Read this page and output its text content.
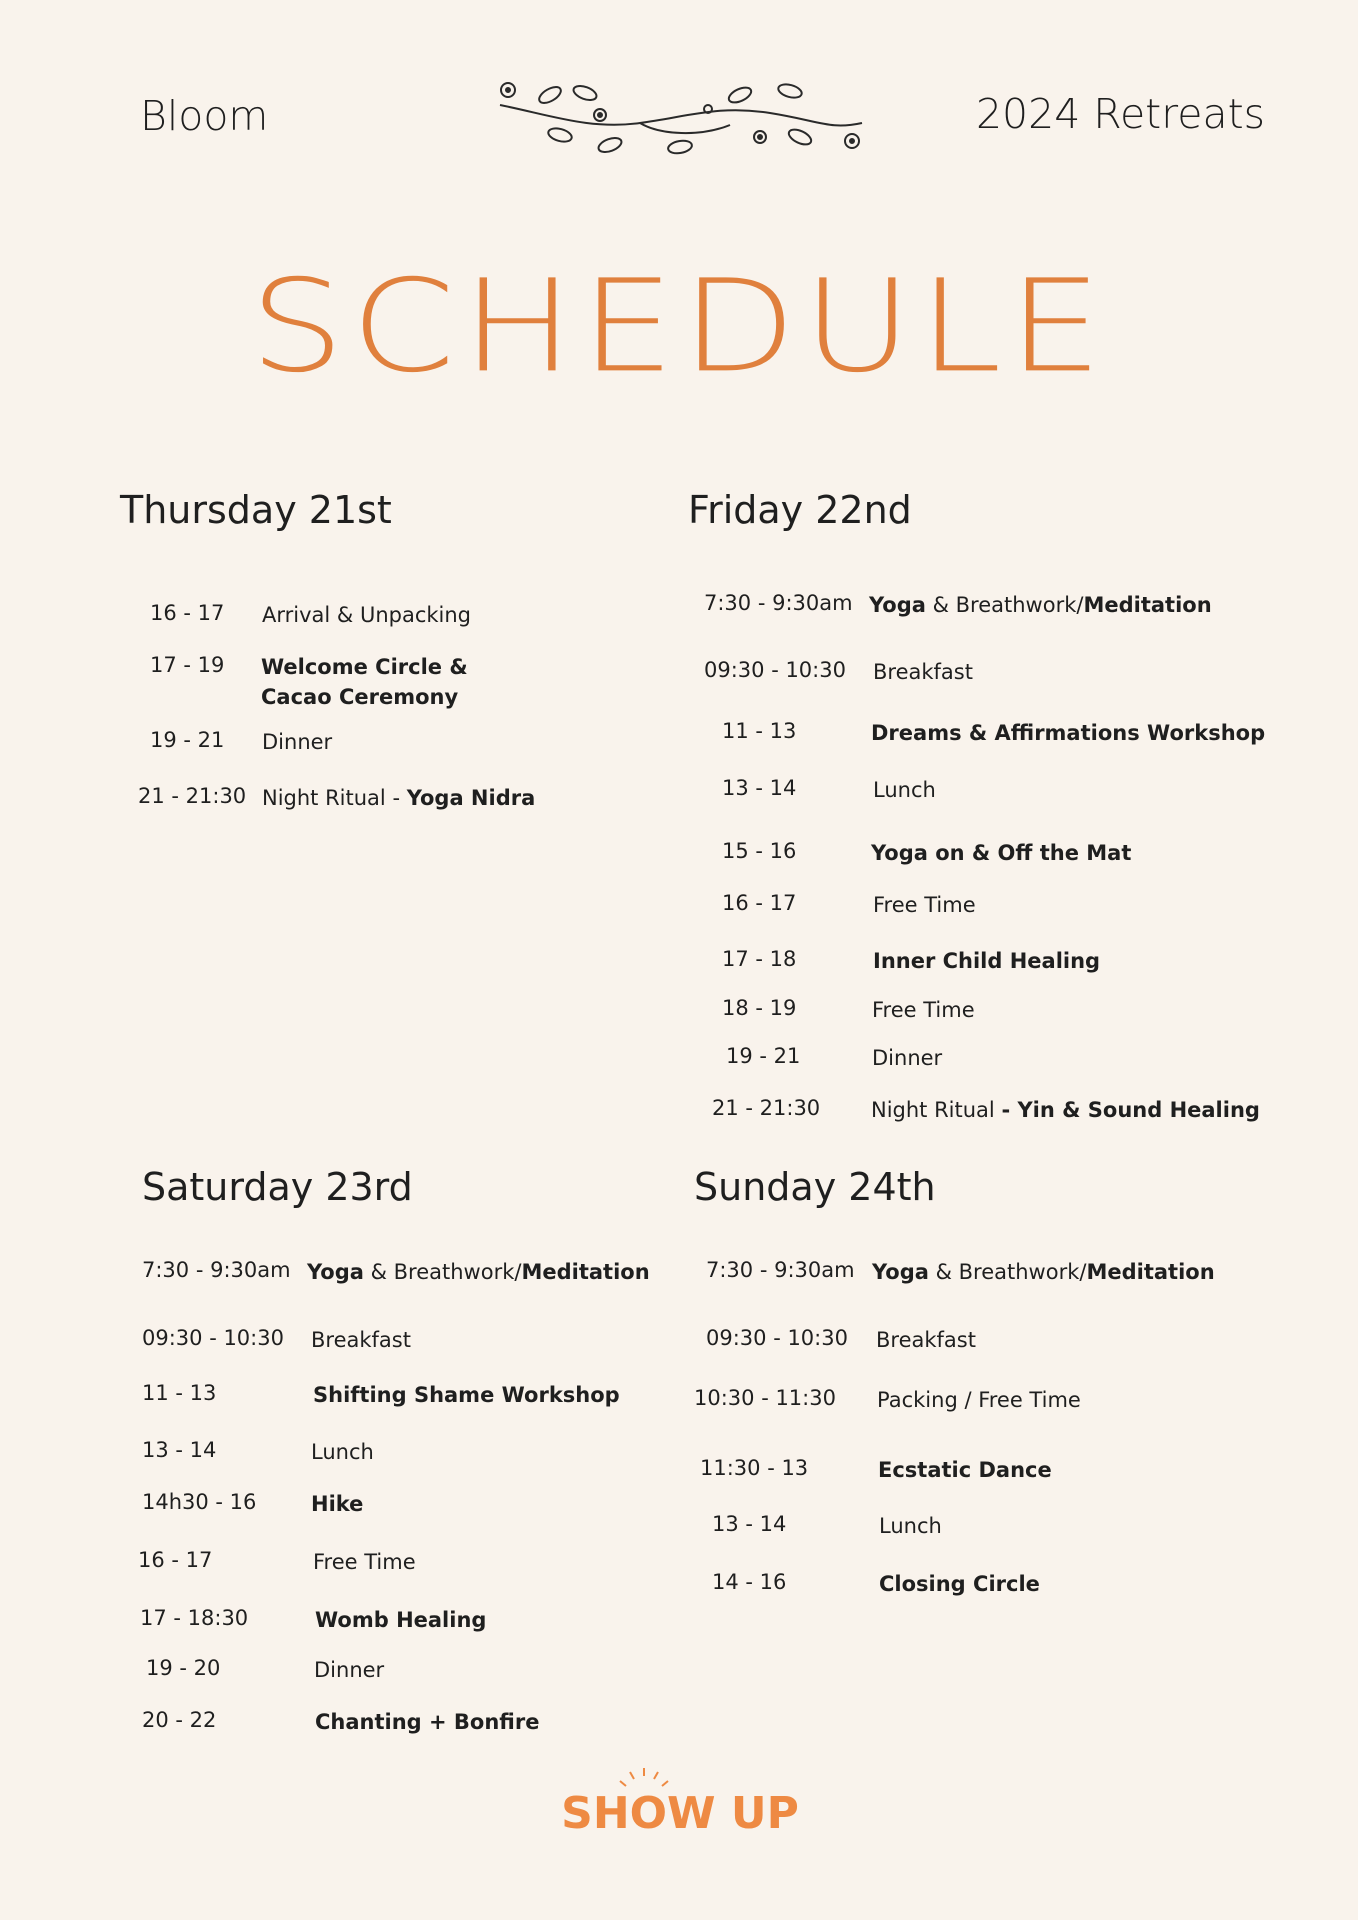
Bloom	2024 Retreats
SCHEDULE
Thursday 21st
16 - 17 Arrival & Unpacking
17 - 19 Welcome Circle &
Cacao Ceremony
19 - 21 Dinner
21 - 21:30 Night Ritual - Yoga Nidra
Friday 22nd
7:30 - 9:30am Yoga & Breathwork/Meditation
09:30 - 10:30 Breakfast
11 - 13	Dreams & Affirmations Workshop
13 - 14	Lunch
15 - 16	Yoga on & Off the Mat
16 - 17	Free Time
17 - 18	Inner Child Healing
18 - 19	Free Time
19 - 21	Dinner
21 - 21:30 Night Ritual - Yin & Sound Healing
Saturday 23rd
7:30 - 9:30am Yoga & Breathwork/Meditation
09:30 - 10:30 Breakfast
11 - 13	Shifting Shame Workshop
13 - 14	Lunch
14h30 - 16	Hike
16 - 17	Free Time
17 - 18:30	Womb Healing
19 - 20	Dinner
20 - 22	Chanting + Bonfire
Sunday 24th
7:30 - 9:30am Yoga & Breathwork/Meditation
09:30 - 10:30 Breakfast
10:30 - 11:30 Packing / Free Time
11:30 - 13	Ecstatic Dance
13 - 14	Lunch
14 - 16	Closing Circle
SHOW UP
